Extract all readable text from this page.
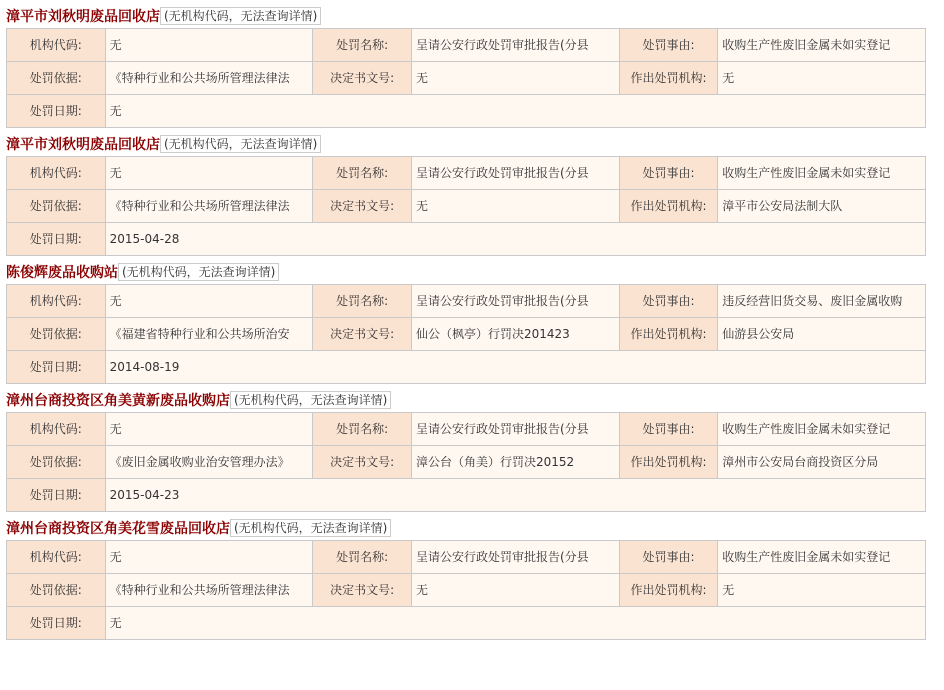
漳平市刘秋明废品回收店 (无机构代码，无法查询详情)
机构代码:	无	处罚名称:	呈请公安行政处罚审批报告(分县	处罚事由:	收购生产性废旧金属未如实登记

处罚依据:	《特种行业和公共场所管理法律法	决定书文号:	无	作出处罚机构:	无

处罚日期:	无				
漳平市刘秋明废品回收店 (无机构代码，无法查询详情)
机构代码:	无	处罚名称:	呈请公安行政处罚审批报告(分县	处罚事由:	收购生产性废旧金属未如实登记

处罚依据:	《特种行业和公共场所管理法律法	决定书文号:	无	作出处罚机构:	漳平市公安局法制大队

处罚日期:	2015-04-28				
陈俊辉废品收购站 (无机构代码，无法查询详情)
机构代码:	无	处罚名称:	呈请公安行政处罚审批报告(分县	处罚事由:	违反经营旧货交易、废旧金属收购

处罚依据:	《福建省特种行业和公共场所治安	决定书文号:	仙公（枫亭）行罚决201423	作出处罚机构:	仙游县公安局

处罚日期:	2014-08-19				
漳州台商投资区角美黄新废品收购店 (无机构代码，无法查询详情)
机构代码:	无	处罚名称:	呈请公安行政处罚审批报告(分县	处罚事由:	收购生产性废旧金属未如实登记

处罚依据:	《废旧金属收购业治安管理办法》	决定书文号:	漳公台（角美）行罚决20152	作出处罚机构:	漳州市公安局台商投资区分局

处罚日期:	2015-04-23				
漳州台商投资区角美花雪废品回收店 (无机构代码，无法查询详情)
机构代码:	无	处罚名称:	呈请公安行政处罚审批报告(分县	处罚事由:	收购生产性废旧金属未如实登记

处罚依据:	《特种行业和公共场所管理法律法	决定书文号:	无	作出处罚机构:	无

处罚日期:	无				
